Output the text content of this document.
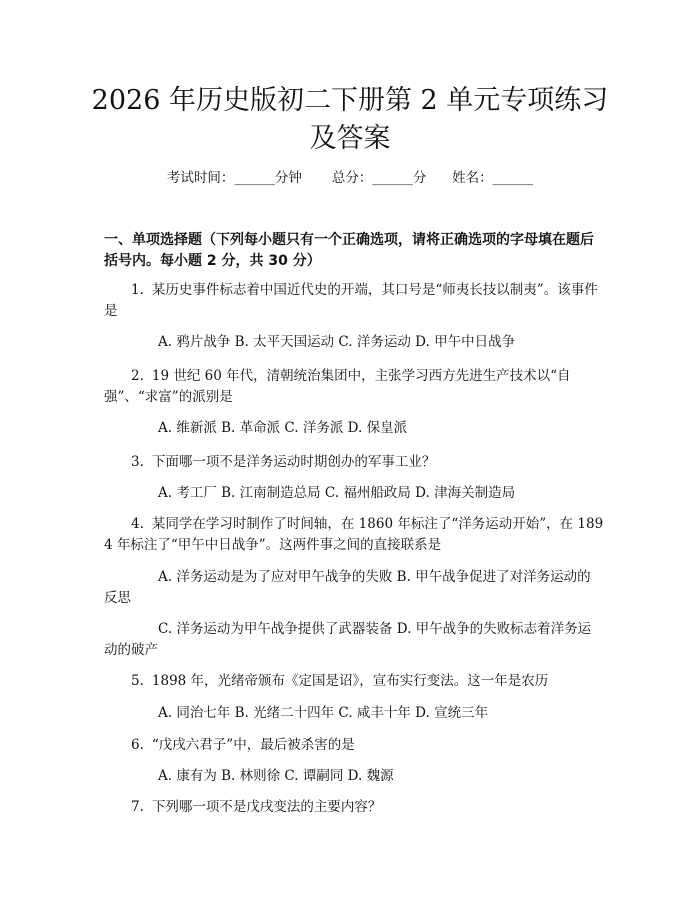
2026 年历史版初二下册第 2 单元专项练习及答案
考试时间：______分钟 总分：______分 姓名：______
一、单项选择题（下列每小题只有一个正确选项，请将正确选项的字母填在题后括号内。每小题 2 分，共 30 分）
1. 某历史事件标志着中国近代史的开端，其口号是“师夷长技以制夷”。该事件是
A. 鸦片战争 B. 太平天国运动 C. 洋务运动 D. 甲午中日战争
2. 19 世纪 60 年代，清朝统治集团中，主张学习西方先进生产技术以“自强”、“求富”的派别是
A. 维新派 B. 革命派 C. 洋务派 D. 保皇派
3. 下面哪一项不是洋务运动时期创办的军事工业？
A. 考工厂 B. 江南制造总局 C. 福州船政局 D. 津海关制造局
4. 某同学在学习时制作了时间轴，在 1860 年标注了“洋务运动开始”，在 1894 年标注了“甲午中日战争”。这两件事之间的直接联系是
A. 洋务运动是为了应对甲午战争的失败 B. 甲午战争促进了对洋务运动的反思
C. 洋务运动为甲午战争提供了武器装备 D. 甲午战争的失败标志着洋务运动的破产
5. 1898 年，光绪帝颁布《定国是诏》，宣布实行变法。这一年是农历
A. 同治七年 B. 光绪二十四年 C. 咸丰十年 D. 宣统三年
6. “戊戌六君子”中，最后被杀害的是
A. 康有为 B. 林则徐 C. 谭嗣同 D. 魏源
7. 下列哪一项不是戊戌变法的主要内容？
